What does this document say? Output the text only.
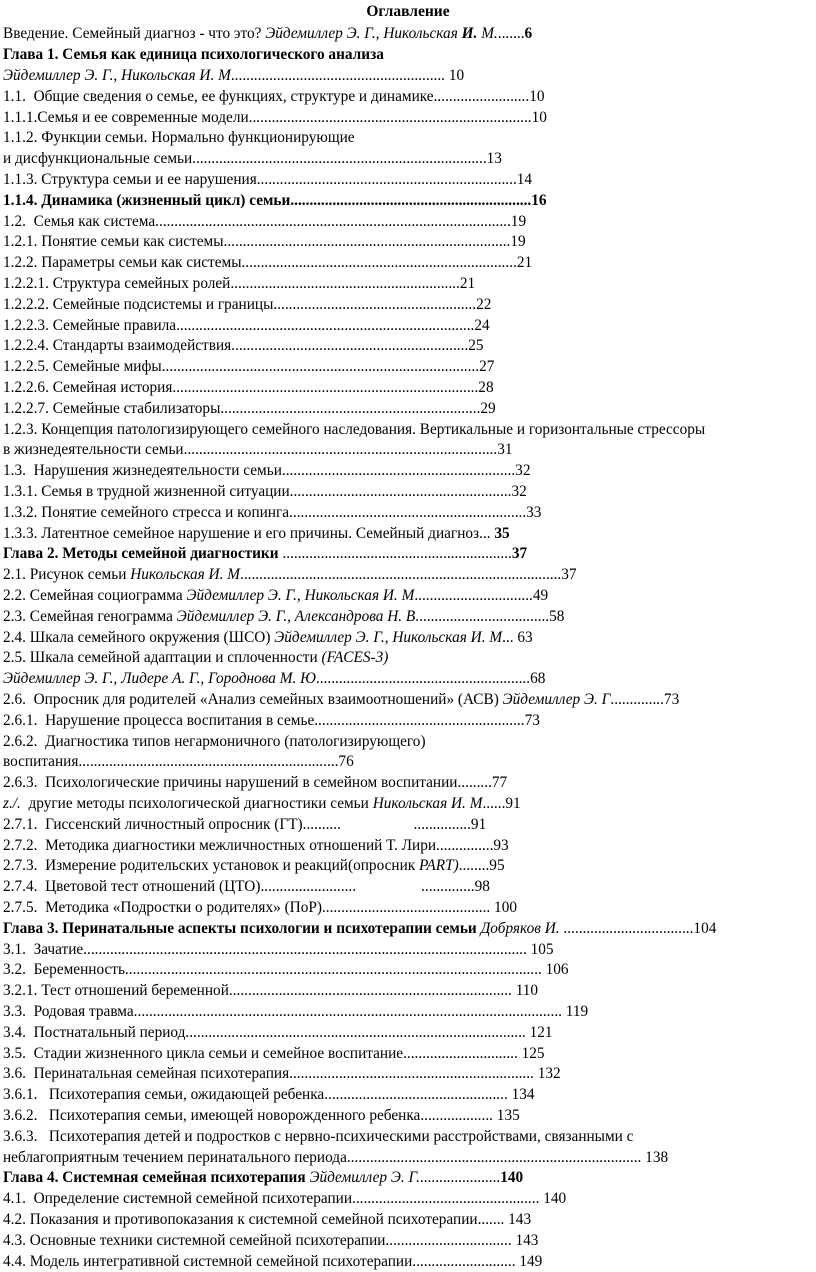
Оглавление
Введение. Семейный диагноз - что это? Эйдемиллер Э. Г., Никольская И. М........6
Глава 1. Семья как единица психологического анализа
Эйдемиллер Э. Г., Никольская И. М........................................................ 10
1.1.  Общие сведения о семье, ее функциях, структуре и динамике.........................10
1.1.1.Семья и ее современные модели..........................................................................10
1.1.2. Функции семьи. Нормально функционирующие
и дисфункциональные семьи.............................................................................13
1.1.3. Структура семьи и ее нарушения....................................................................14
1.1.4. Динамика (жизненный цикл) семьи...............................................................16
1.2.  Семья как система.............................................................................................19
1.2.1. Понятие семьи как системы...........................................................................19
1.2.2. Параметры семьи как системы........................................................................21
1.2.2.1. Структура семейных ролей............................................................21
1.2.2.2. Семейные подсистемы и границы.....................................................22
1.2.2.3. Семейные правила..............................................................................24
1.2.2.4. Стандарты взаимодействия..............................................................25
1.2.2.5. Семейные мифы...................................................................................27
1.2.2.6. Семейная история................................................................................28
1.2.2.7. Семейные стабилизаторы....................................................................29
1.2.3. Концепция патологизирующего семейного наследования. Вертикальные и горизонтальные стрессоры
в жизнедеятельности семьи..................................................................................31
1.3.  Нарушения жизнедеятельности семьи.............................................................32
1.3.1. Семья в трудной жизненной ситуации..........................................................32
1.3.2. Понятие семейного стресса и копинга..............................................................33
1.3.3. Латентное семейное нарушение и его причины. Семейный диагноз... 35
Глава 2. Методы семейной диагностики ............................................................37
2.1. Рисунок семьи Никольская И. М....................................................................................37
2.2. Семейная социограмма Эйдемиллер Э. Г., Никольская И. М...............................49
2.3. Семейная генограмма Эйдемиллер Э. Г., Александрова Н. В...................................58
2.4. Шкала семейного окружения (ШСО) Эйдемиллер Э. Г., Никольская И. М... 63
2.5. Шкала семейной адаптации и сплоченности (FACES-3)
Эйдемиллер Э. Г., Лидере А. Г., Городнова М. Ю........................................................68
2.6.  Опросник для родителей «Анализ семейных взаимоотношений» (АСВ) Эйдемиллер Э. Г..............73
2.6.1.  Нарушение процесса воспитания в семье.......................................................73
2.6.2.  Диагностика типов негармоничного (патологизирующего)
воспитания....................................................................76
2.6.3.  Психологические причины нарушений в семейном воспитании.........77
z./.  другие методы психологической диагностики семьи Никольская И. М......91
2.7.1.  Гиссенский личностный опросник (ГТ)..........                   ...............91
2.7.2.  Методика диагностики межличностных отношений Т. Лири...............93
2.7.3.  Измерение родительских установок и реакций(опросник PART)........95
2.7.4.  Цветовой тест отношений (ЦТО).........................                 ..............98
2.7.5.  Методика «Подростки о родителях» (ПоР)............................................ 100
Глава 3. Перинатальные аспекты психологии и психотерапии семьи Добряков И. ..................................104
3.1.  Зачатие.................................................................................................................... 105
3.2.  Беременность............................................................................................................. 106
3.2.1. Тест отношений беременной.......................................................................... 110
3.3.  Родовая травма................................................................................................................ 119
3.4.  Постнатальный период......................................................................................... 121
3.5.  Стадии жизненного цикла семьи и семейное воспитание.............................. 125
3.6.  Перинатальная семейная психотерапия................................................................ 132
3.6.1.   Психотерапия семьи, ожидающей ребенка................................................ 134
3.6.2.   Психотерапия семьи, имеющей новорожденного ребенка................... 135
3.6.3.   Психотерапия детей и подростков с нервно-психическими расстройствами, связанными с
неблагоприятным течением перинатального периода............................................................................. 138
Глава 4. Системная семейная психотерапия Эйдемиллер Э. Г......................140
4.1.  Определение системной семейной психотерапии................................................. 140
4.2. Показания и противопоказания к системной семейной психотерапии....... 143
4.3. Основные техники системной семейной психотерапии................................. 143
4.4. Модель интегративной системной семейной психотерапии........................... 149
